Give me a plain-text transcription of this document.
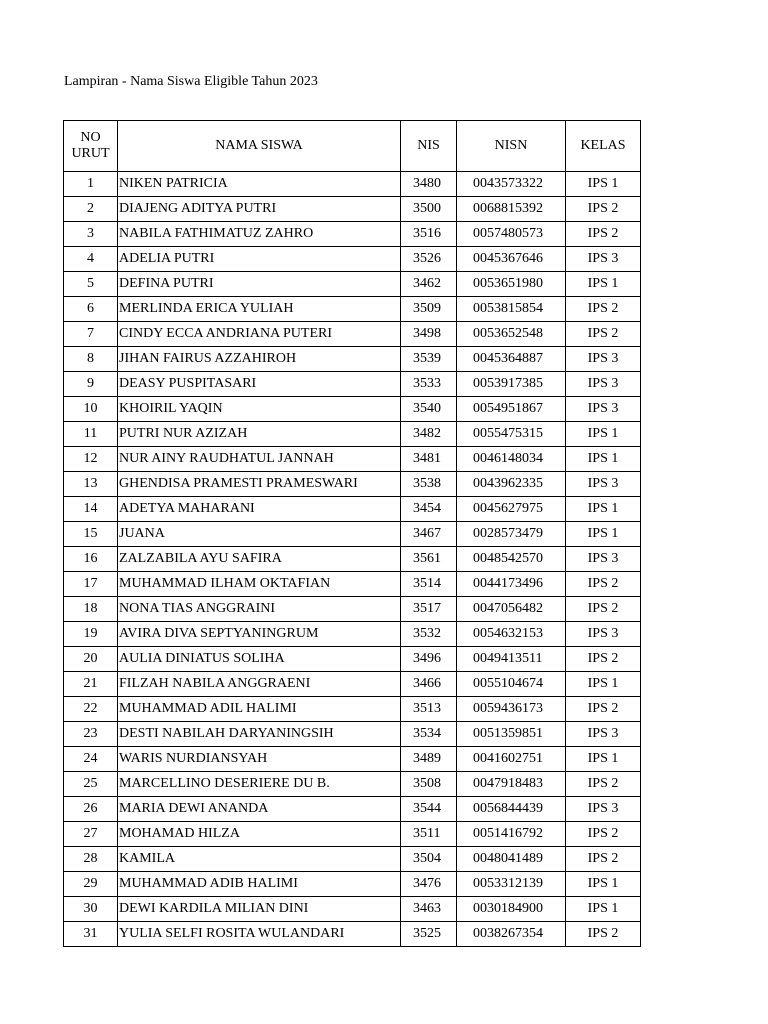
Lampiran - Nama Siswa Eligible Tahun 2023
NO
URUT	NAMA SISWA	NIS	NISN	KELAS
1	NIKEN PATRICIA	3480	0043573322	IPS 1
2	DIAJENG ADITYA PUTRI	3500	0068815392	IPS 2
3	NABILA FATHIMATUZ ZAHRO	3516	0057480573	IPS 2
4	ADELIA PUTRI	3526	0045367646	IPS 3
5	DEFINA PUTRI	3462	0053651980	IPS 1
6	MERLINDA ERICA YULIAH	3509	0053815854	IPS 2
7	CINDY ECCA ANDRIANA PUTERI	3498	0053652548	IPS 2
8	JIHAN FAIRUS AZZAHIROH	3539	0045364887	IPS 3
9	DEASY PUSPITASARI	3533	0053917385	IPS 3
10	KHOIRIL YAQIN	3540	0054951867	IPS 3
11	PUTRI NUR AZIZAH	3482	0055475315	IPS 1
12	NUR AINY RAUDHATUL JANNAH	3481	0046148034	IPS 1
13	GHENDISA PRAMESTI PRAMESWARI	3538	0043962335	IPS 3
14	ADETYA MAHARANI	3454	0045627975	IPS 1
15	JUANA	3467	0028573479	IPS 1
16	ZALZABILA AYU SAFIRA	3561	0048542570	IPS 3
17	MUHAMMAD ILHAM OKTAFIAN	3514	0044173496	IPS 2
18	NONA TIAS ANGGRAINI	3517	0047056482	IPS 2
19	AVIRA DIVA SEPTYANINGRUM	3532	0054632153	IPS 3
20	AULIA DINIATUS SOLIHA	3496	0049413511	IPS 2
21	FILZAH NABILA ANGGRAENI	3466	0055104674	IPS 1
22	MUHAMMAD ADIL HALIMI	3513	0059436173	IPS 2
23	DESTI NABILAH DARYANINGSIH	3534	0051359851	IPS 3
24	WARIS NURDIANSYAH	3489	0041602751	IPS 1
25	MARCELLINO DESERIERE DU B.	3508	0047918483	IPS 2
26	MARIA DEWI ANANDA	3544	0056844439	IPS 3
27	MOHAMAD HILZA	3511	0051416792	IPS 2
28	KAMILA	3504	0048041489	IPS 2
29	MUHAMMAD ADIB HALIMI	3476	0053312139	IPS 1
30	DEWI KARDILA MILIAN DINI	3463	0030184900	IPS 1
31	YULIA SELFI ROSITA WULANDARI	3525	0038267354	IPS 2
